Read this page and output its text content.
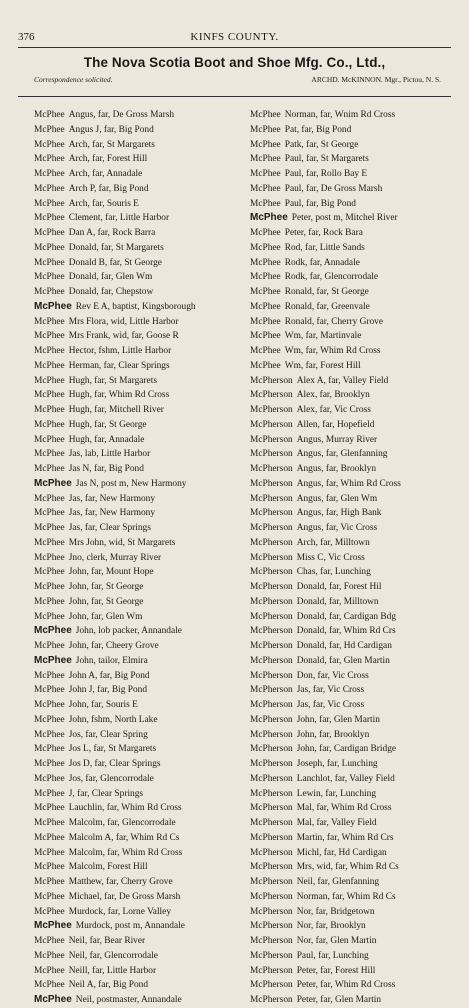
376	KINFS COUNTY.
The Nova Scotia Boot and Shoe Mfg. Co., Ltd.,
Correspondence solicited.	ARCHD. McKINNON. Mgr., Pictou, N. S.
McPhee Angus, far, De Gross Marsh
McPhee Angus J, far, Big Pond
McPhee Arch, far, St Margarets
McPhee Arch, far, Forest Hill
McPhee Arch, far, Annadale
McPhee Arch P, far, Big Pond
McPhee Arch, far, Souris E
McPhee Clement, far, Little Harbor
McPhee Dan A, far, Rock Barra
McPhee Donald, far, St Margarets
McPhee Donald B, far, St George
McPhee Donald, far, Glen Wm
McPhee Donald, far, Chepstow
McPhee Rev E A, baptist, Kingsborough
McPhee Mrs Flora, wid, Little Harbor
McPhee Mrs Frank, wid, far, Goose R
McPhee Hector, fshm, Little Harbor
McPhee Herman, far, Clear Springs
McPhee Hugh, far, St Margarets
McPhee Hugh, far, Whim Rd Cross
McPhee Hugh, far, Mitchell River
McPhee Hugh, far, St George
McPhee Hugh, far, Annadale
McPhee Jas, lab, Little Harbor
McPhee Jas N, far, Big Pond
McPhee Jas N, post m, New Harmony
McPhee Jas, far, New Harmony
McPhee Jas, far, New Harmony
McPhee Jas, far, Clear Springs
McPhee Mrs John, wid, St Margarets
McPhee Jno, clerk, Murray River
McPhee John, far, Mount Hope
McPhee John, far, St George
McPhee John, far, St George
McPhee John, far, Glen Wm
McPhee John, lob packer, Annandale
McPhee John, far, Cheery Grove
McPhee John, tailor, Elmira
McPhee John A, far, Big Pond
McPhee John J, far, Big Pond
McPhee John, far, Souris E
McPhee John, fshm, North Lake
McPhee Jos, far, Clear Spring
McPhee Jos L, far, St Margarets
McPhee Jos D, far, Clear Springs
McPhee Jos, far, Glencorrodale
McPhee J, far, Clear Springs
McPhee Lauchlin, far, Whim Rd Cross
McPhee Malcolm, far, Glencorrodale
McPhee Malcolm A, far, Whim Rd Cs
McPhee Malcolm, far, Whim Rd Cross
McPhee Malcolm, Forest Hill
McPhee Matthew, far, Cherry Grove
McPhee Michael, far, De Gross Marsh
McPhee Murdock, far, Lorne Valley
McPhee Murdock, post m, Annandale
McPhee Neil, far, Bear River
McPhee Neil, far, Glencorrodale
McPhee Neill, far, Little Harbor
McPhee Neil A, far, Big Pond
McPhee Neil, postmaster, Annandale
McPhee Norman, far, Wnim Rd Cross
McPhee Pat, far, Big Pond
McPhee Patk, far, St George
McPhee Paul, far, St Margarets
McPhee Paul, far, Rollo Bay E
McPhee Paul, far, De Gross Marsh
McPhee Paul, far, Big Pond
McPhee Peter, post m, Mitchel River
McPhee Peter, far, Rock Bara
McPhee Rod, far, Little Sands
McPhee Rodk, far, Annadale
McPhee Rodk, far, Glencorrodale
McPhee Ronald, far, St George
McPhee Ronald, far, Greenvale
McPhee Ronald, far, Cherry Grove
McPhee Wm, far, Martinvale
McPhee Wm, far, Whim Rd Cross
McPhee Wm, far, Forest Hill
McPherson Alex A, far, Valley Field
McPherson Alex, far, Brooklyn
McPherson Alex, far, Vic Cross
McPherson Allen, far, Hopefield
McPherson Angus, Murray River
McPherson Angus, far, Glenfanning
McPherson Angus, far, Brooklyn
McPherson Angus, far, Whim Rd Cross
McPherson Angus, far, Glen Wm
McPherson Angus, far, High Bank
McPherson Angus, far, Vic Cross
McPherson Arch, far, Milltown
McPherson Miss C, Vic Cross
McPherson Chas, far, Lunching
McPherson Donald, far, Forest Hil
McPherson Donald, far, Milltown
McPherson Donald, far, Cardigan Bdg
McPherson Donald, far, Whim Rd Crs
McPherson Donald, far, Hd Cardigan
McPherson Donald, far, Glen Martin
McPherson Don, far, Vic Cross
McPherson Jas, far, Vic Cross
McPherson Jas, far, Vic Cross
McPherson John, far, Glen Martin
McPherson John, far, Brooklyn
McPherson John, far, Cardigan Bridge
McPherson Joseph, far, Lunching
McPherson Lanchlot, far, Valley Field
McPherson Lewin, far, Lunching
McPherson Mal, far, Whim Rd Cross
McPherson Mal, far, Valley Field
McPherson Martin, far, Whim Rd Crs
McPherson Michl, far, Hd Cardigan
McPherson Mrs, wid, far, Whim Rd Cs
McPherson Neil, far, Glenfanning
McPherson Norman, far, Whim Rd Cs
McPherson Nor, far, Bridgetown
McPherson Nor, far, Brooklyn
McPherson Nor, far, Glen Martin
McPherson Paul, far, Lunching
McPherson Peter, far, Forest Hill
McPherson Peter, far, Whim Rd Cross
McPherson Peter, far, Glen Martin
